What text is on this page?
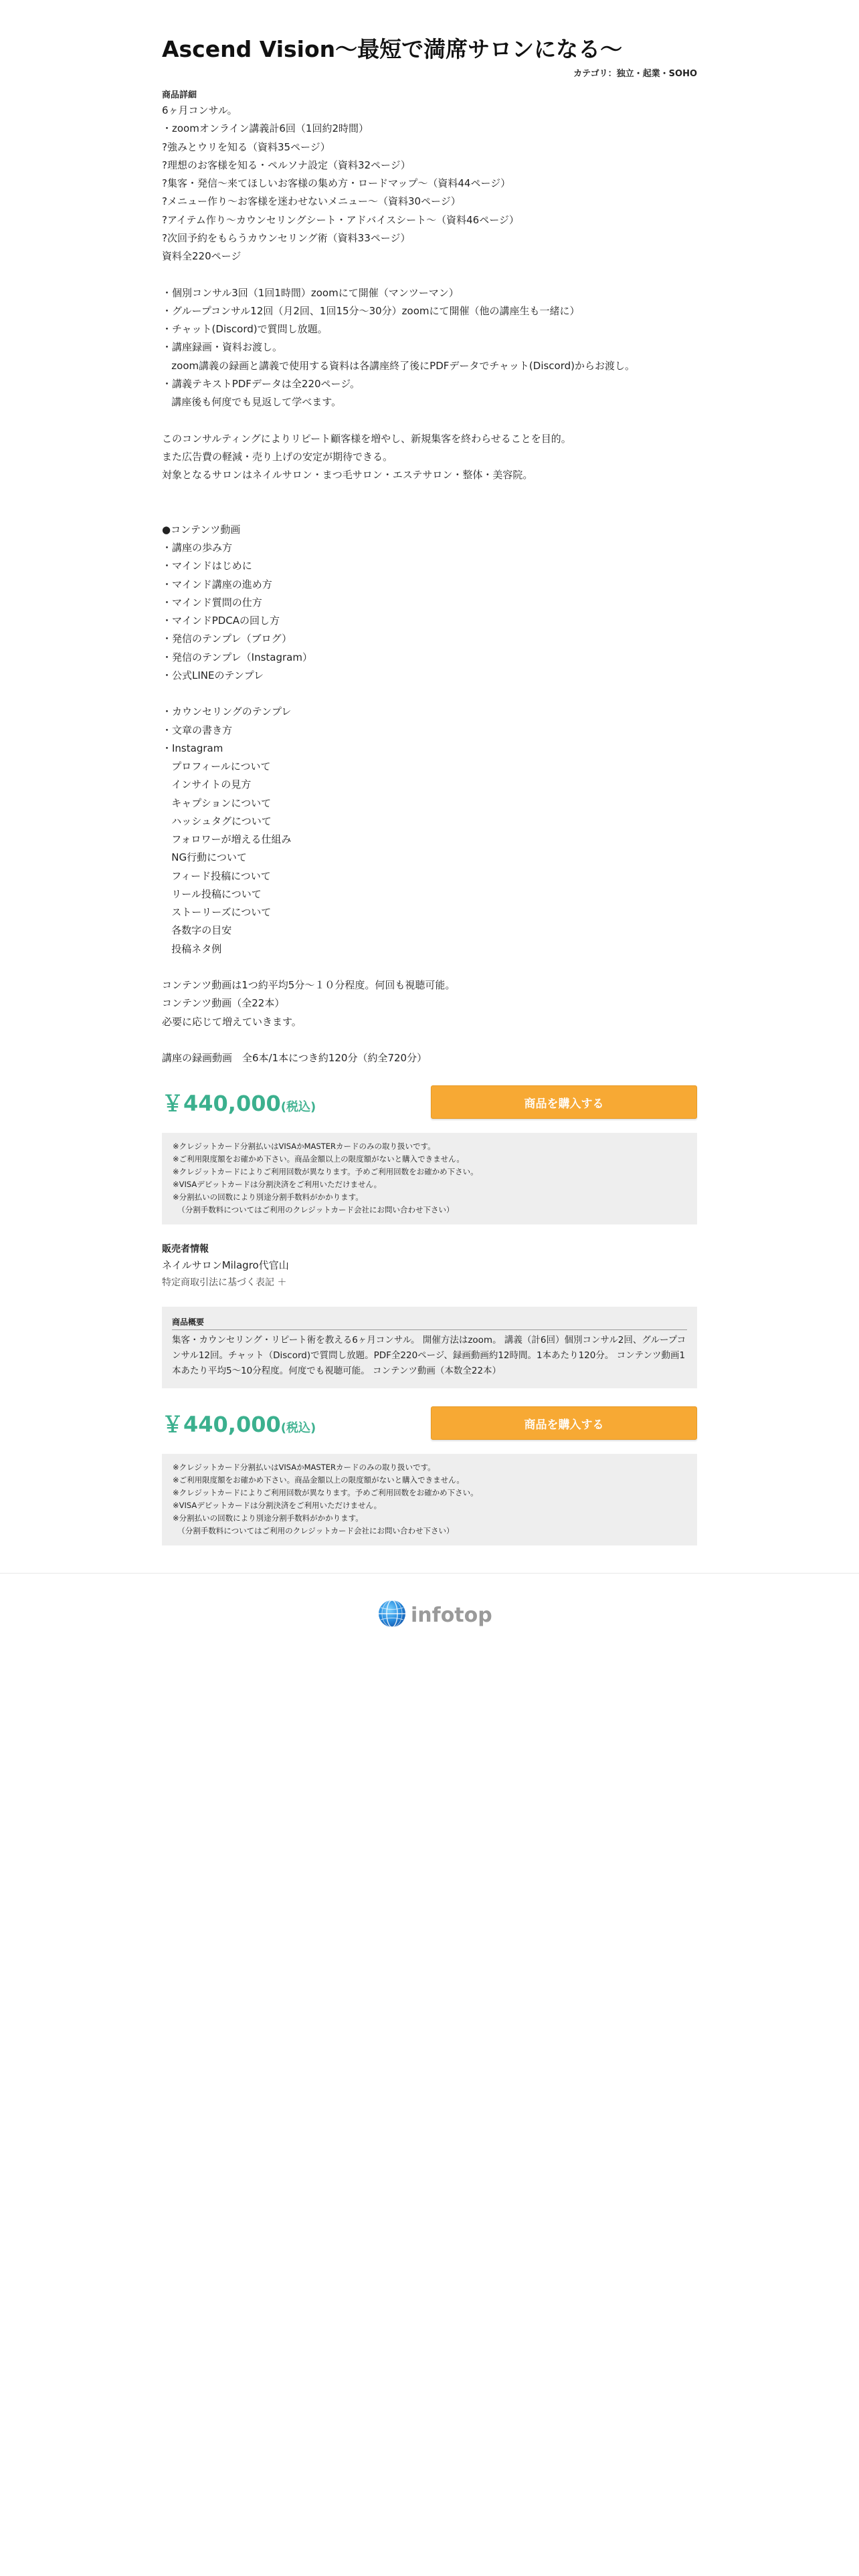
Ascend Vision〜最短で満席サロンになる〜
カテゴリ：独立・起業・SOHO
商品詳細
6ヶ月コンサル。
・zoomオンライン講義計6回（1回約2時間）
?強みとウリを知る（資料35ページ）
?理想のお客様を知る・ペルソナ設定（資料32ページ）
?集客・発信〜来てほしいお客様の集め方・ロードマップ〜（資料44ページ）
?メニュー作り〜お客様を迷わせないメニュー〜（資料30ページ）
?アイテム作り〜カウンセリングシート・アドバイスシート〜（資料46ページ）
?次回予約をもらうカウンセリング術（資料33ページ）
資料全220ページ
・個別コンサル3回（1回1時間）zoomにて開催（マンツーマン）
・グループコンサル12回（月2回、1回15分〜30分）zoomにて開催（他の講座生も一緒に）
・チャット(Discord)で質問し放題。
・講座録画・資料お渡し。
zoom講義の録画と講義で使用する資料は各講座終了後にPDFデータでチャット(Discord)からお渡し。
・講義テキストPDFデータは全220ページ。
講座後も何度でも見返して学べます。
このコンサルティングによりリピート顧客様を増やし、新規集客を終わらせることを目的。
また広告費の軽減・売り上げの安定が期待できる。
対象となるサロンはネイルサロン・まつ毛サロン・エステサロン・整体・美容院。
●コンテンツ動画
・講座の歩み方
・マインドはじめに
・マインド講座の進め方
・マインド質問の仕方
・マインドPDCAの回し方
・発信のテンプレ（ブログ）
・発信のテンプレ（Instagram）
・公式LINEのテンプレ
・カウンセリングのテンプレ
・文章の書き方
・Instagram
プロフィールについて
インサイトの見方
キャプションについて
ハッシュタグについて
フォロワーが増える仕組み
NG行動について
フィード投稿について
リール投稿について
ストーリーズについて
各数字の目安
投稿ネタ例
コンテンツ動画は1つ約平均5分〜１０分程度。何回も視聴可能。
コンテンツ動画（全22本）
必要に応じて増えていきます。
講座の録画動画　全6本/1本につき約120分（約全720分）
￥440,000 (税込)	商品を購入する
※クレジットカード分割払いはVISAかMASTERカードのみの取り扱いです。
※ご利用限度額をお確かめ下さい。商品金額以上の限度額がないと購入できません。
※クレジットカードによりご利用回数が異なります。予めご利用回数をお確かめ下さい。
※VISAデビットカードは分割決済をご利用いただけません。
※分割払いの回数により別途分割手数料がかかります。
（分割手数料についてはご利用のクレジットカード会社にお問い合わせ下さい）
販売者情報
ネイルサロンMilagro代官山
特定商取引法に基づく表記 ＋
商品概要
集客・カウンセリング・リピート術を教える6ヶ月コンサル。 開催方法はzoom。 講義（計6回）個別コンサル2回、グループコンサル12回。チャット（Discord)で質問し放題。PDF全220ページ、録画動画約12時間。1本あたり120分。 コンテンツ動画1本あたり平均5〜10分程度。何度でも視聴可能。 コンテンツ動画（本数全22本）
￥440,000 (税込)	商品を購入する
※クレジットカード分割払いはVISAかMASTERカードのみの取り扱いです。
※ご利用限度額をお確かめ下さい。商品金額以上の限度額がないと購入できません。
※クレジットカードによりご利用回数が異なります。予めご利用回数をお確かめ下さい。
※VISAデビットカードは分割決済をご利用いただけません。
※分割払いの回数により別途分割手数料がかかります。
（分割手数料についてはご利用のクレジットカード会社にお問い合わせ下さい）
infotop
